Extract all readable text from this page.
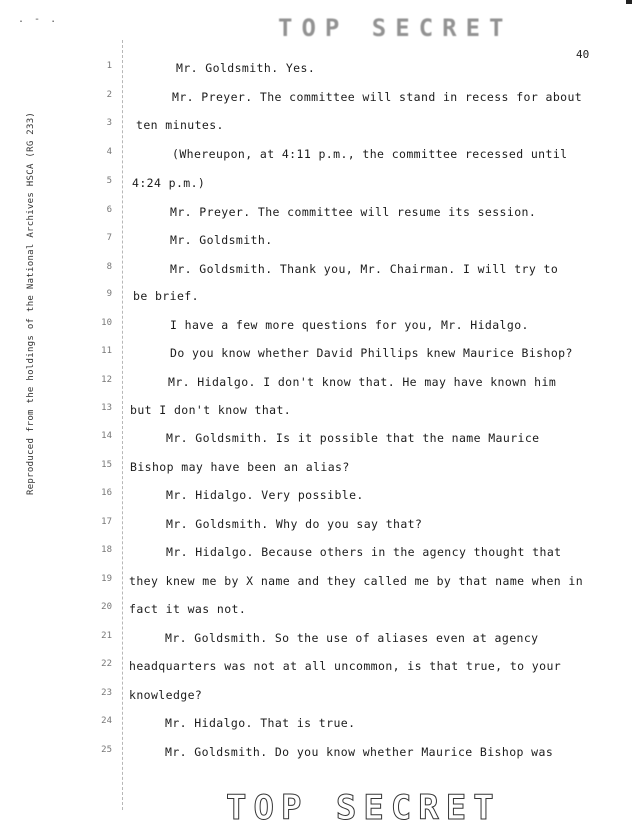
. - .	TOP SECRET
40
Reproduced from the holdings of the National Archives HSCA (RG 233)
1
2
3
4
5
6
7
8
9
10
11
12
13
14
15
16
17
18
19
20
21
22
23
24
25
Mr. Goldsmith. Yes.
Mr. Preyer. The committee will stand in recess for about
ten minutes.
(Whereupon, at 4:11 p.m., the committee recessed until
4:24 p.m.)
Mr. Preyer. The committee will resume its session.
Mr. Goldsmith.
Mr. Goldsmith. Thank you, Mr. Chairman. I will try to
be brief.
I have a few more questions for you, Mr. Hidalgo.
Do you know whether David Phillips knew Maurice Bishop?
Mr. Hidalgo. I don't know that. He may have known him
but I don't know that.
Mr. Goldsmith. Is it possible that the name Maurice
Bishop may have been an alias?
Mr. Hidalgo. Very possible.
Mr. Goldsmith. Why do you say that?
Mr. Hidalgo. Because others in the agency thought that
they knew me by X name and they called me by that name when in
fact it was not.
Mr. Goldsmith. So the use of aliases even at agency
headquarters was not at all uncommon, is that true, to your
knowledge?
Mr. Hidalgo. That is true.
Mr. Goldsmith. Do you know whether Maurice Bishop was
TOP SECRET
